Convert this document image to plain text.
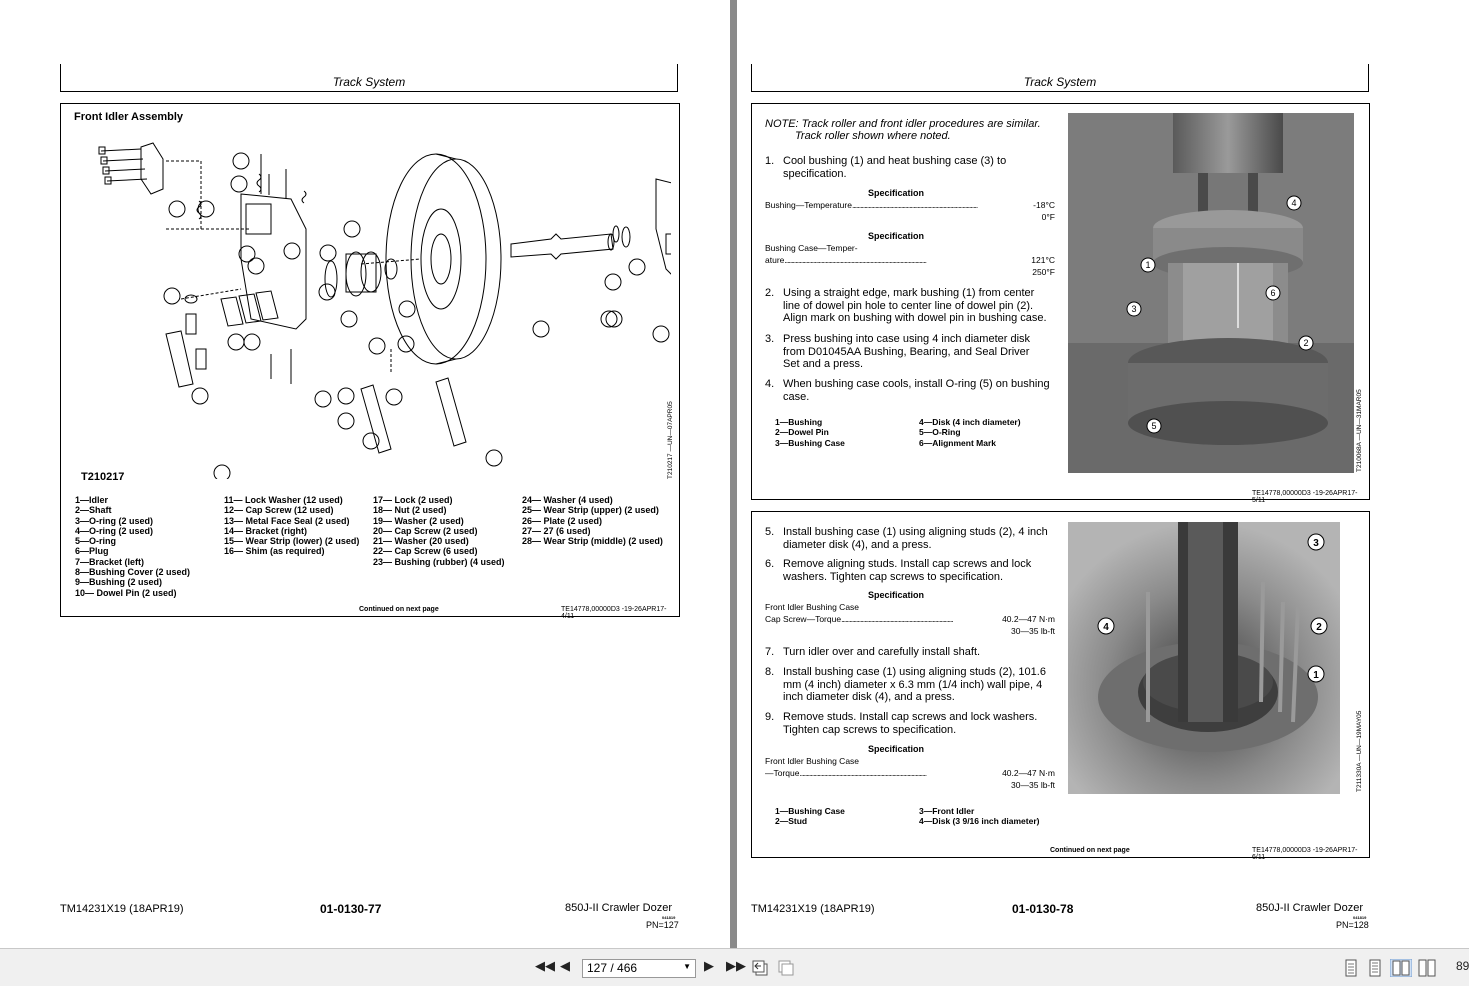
Track System
Front Idler Assembly
T210217	T210217 —UN—07APR05
1—Idler
2—Shaft
3—O-ring (2 used)
4—O-ring (2 used)
5—O-ring
6—Plug
7—Bracket (left)
8—Bushing Cover (2 used)
9—Bushing (2 used)
10— Dowel Pin (2 used)
11— Lock Washer (12 used)
12— Cap Screw (12 used)
13— Metal Face Seal (2 used)
14— Bracket (right)
15— Wear Strip (lower) (2 used)
16— Shim (as required)
17— Lock (2 used)
18— Nut (2 used)
19— Washer (2 used)
20— Cap Screw (2 used)
21— Washer (20 used)
22— Cap Screw (6 used)
23— Bushing (rubber) (4 used)
24— Washer (4 used)
25— Wear Strip (upper) (2 used)
26— Plate (2 used)
27— 27 (6 used)
28— Wear Strip (middle) (2 used)
Continued on next page	TE14778,00000D3 -19-26APR17-4/11
TM14231X19 (18APR19)	01-0130-77	850J-II Crawler Dozer
041819
PN=127
Track System
NOTE: Track roller and front idler procedures are similar.
Track roller shown where noted.
1. Cool bushing (1) and heat bushing case (3) to
specification.
Specification
Bushing—Temperature............................................................................................	-18°C
0°F
Specification
Bushing Case—Temper-
ature........................................................................................................	121°C
250°F
2. Using a straight edge, mark bushing (1) from center
line of dowel pin hole to center line of dowel pin (2).
Align mark on bushing with dowel pin in bushing case.
3. Press bushing into case using 4 inch diameter disk
from D01045AA Bushing, Bearing, and Seal Driver
Set and a press.
4. When bushing case cools, install O-ring (5) on bushing
case.
1—Bushing
2—Dowel Pin
3—Bushing Case
4—Disk (4 inch diameter)
5—O-Ring
6—Alignment Mark
4
1
3
2
6
5	T210068A —UN—31MAR05
TE14778,00000D3 -19-26APR17-5/11
5. Install bushing case (1) using aligning studs (2), 4 inch
diameter disk (4), and a press.
6. Remove aligning studs. Install cap screws and lock
washers. Tighten cap screws to specification.
Specification
Front Idler Bushing Case
Cap Screw—Torque..................................................................................	40.2—47 N·m
30—35 lb-ft
7. Turn idler over and carefully install shaft.
8. Install bushing case (1) using aligning studs (2), 101.6
mm (4 inch) diameter x 6.3 mm (1/4 inch) wall pipe, 4
inch diameter disk (4), and a press.
9. Remove studs. Install cap screws and lock washers.
Tighten cap screws to specification.
Specification
Front Idler Bushing Case
—Torque.............................................................................................	40.2—47 N·m
30—35 lb-ft
1—Bushing Case
2—Stud
3—Front Idler
4—Disk (3 9/16 inch diameter)
3
2
1
4
T211330A —UN—19MAY05
Continued on next page	TE14778,00000D3 -19-26APR17-6/11
TM14231X19 (18APR19)	01-0130-78	850J-II Crawler Dozer
041819
PN=128
◀◀ ◀	127 / 466	▼ ▶ ▶▶	89
